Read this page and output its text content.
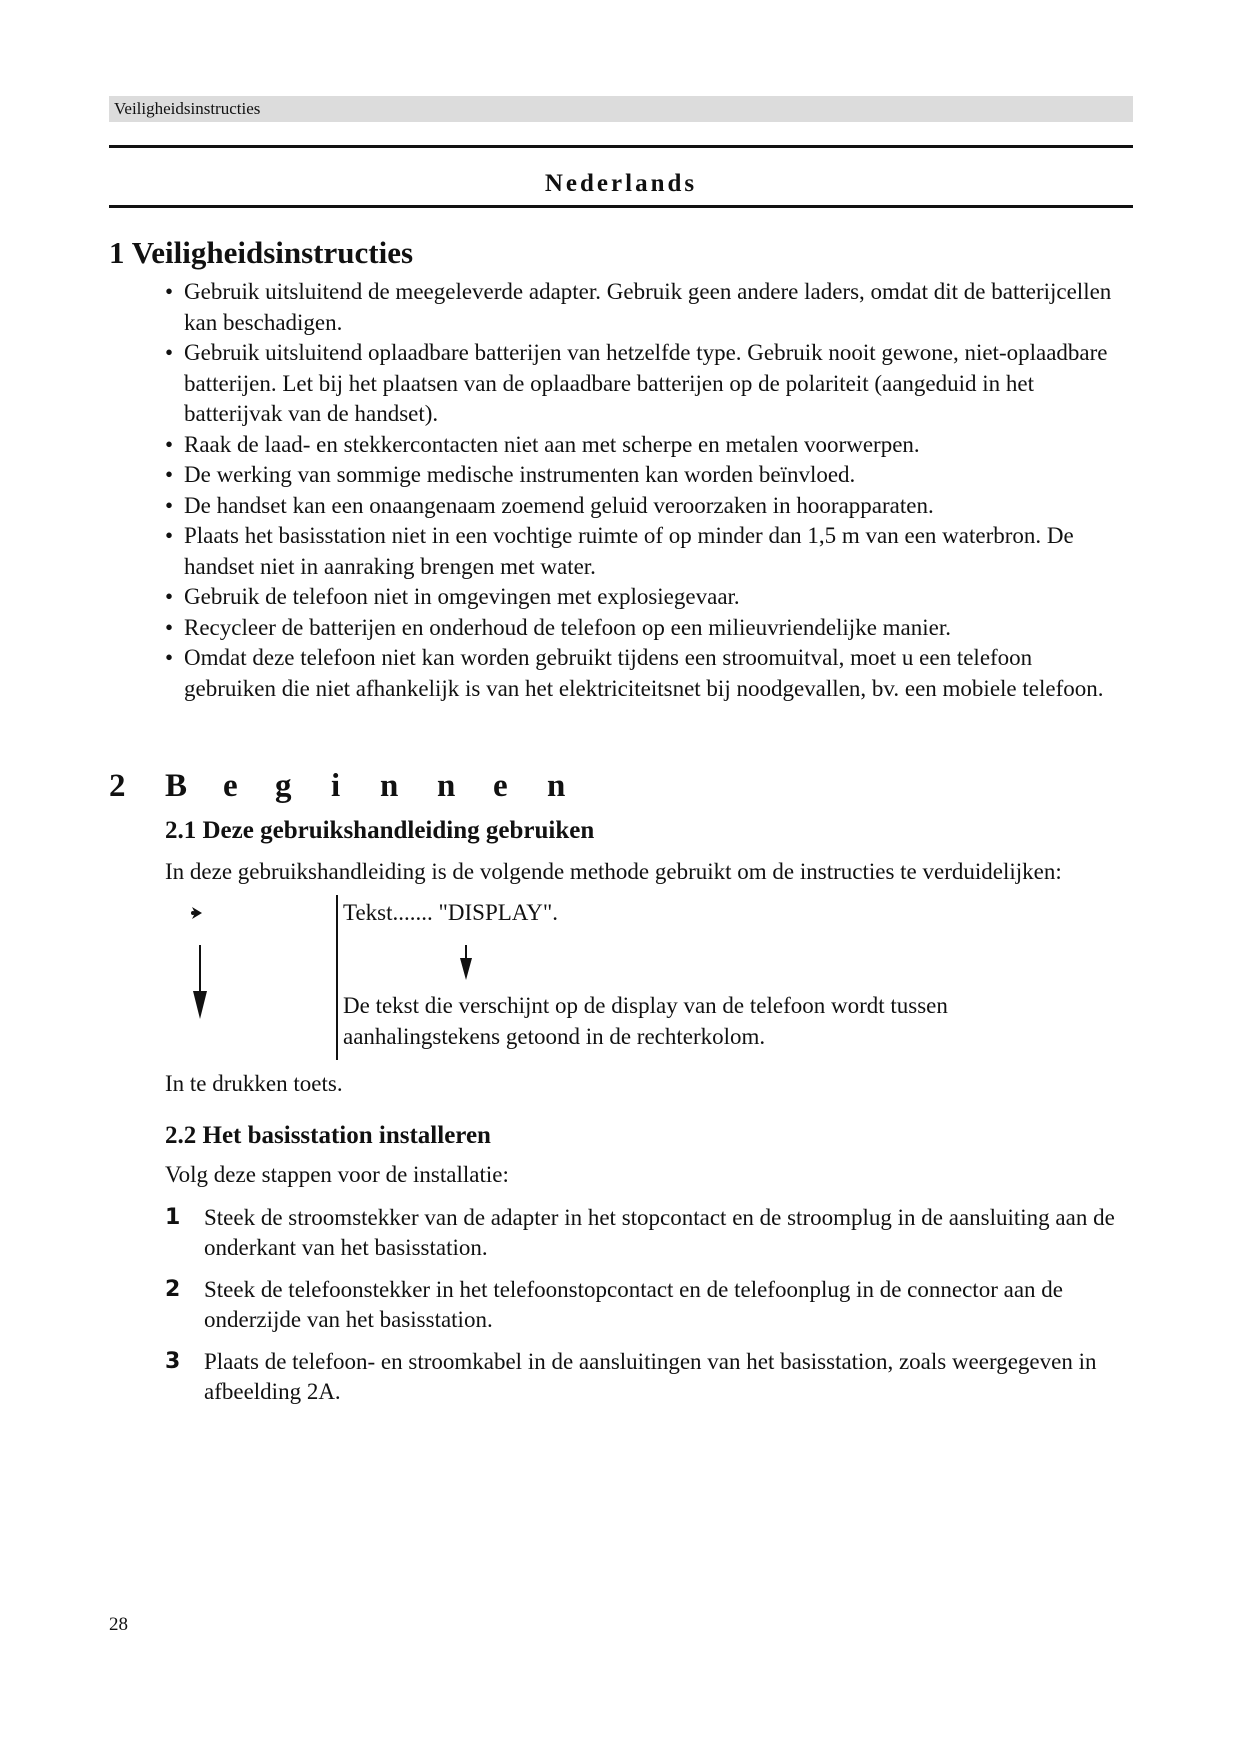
Veiligheidsinstructies
Nederlands
1 Veiligheidsinstructies
• Gebruik uitsluitend de meegeleverde adapter. Gebruik geen andere laders, omdat dit de batterijcellen kan beschadigen.
• Gebruik uitsluitend oplaadbare batterijen van hetzelfde type. Gebruik nooit gewone, niet-oplaadbare batterijen. Let bij het plaatsen van de oplaadbare batterijen op de polariteit (aangeduid in het batterijvak van de handset).
• Raak de laad- en stekkercontacten niet aan met scherpe en metalen voorwerpen.
• De werking van sommige medische instrumenten kan worden beïnvloed.
• De handset kan een onaangenaam zoemend geluid veroorzaken in hoorapparaten.
• Plaats het basisstation niet in een vochtige ruimte of op minder dan 1,5 m van een waterbron. De handset niet in aanraking brengen met water.
• Gebruik de telefoon niet in omgevingen met explosiegevaar.
• Recycleer de batterijen en onderhoud de telefoon op een milieuvriendelijke manier.
• Omdat deze telefoon niet kan worden gebruikt tijdens een stroomuitval, moet u een telefoon gebruiken die niet afhankelijk is van het elektriciteitsnet bij noodgevallen, bv. een mobiele telefoon.
2 B e g i n n e n
2.1 Deze gebruikshandleiding gebruiken

In deze gebruikshandleiding is de volgende methode gebruikt om de instructies te verduidelijken:

Tekst....... "DISPLAY".
De tekst die verschijnt op de display van de telefoon wordt tussen aanhalingstekens getoond in de rechterkolom.

In te drukken toets.

2.2 Het basisstation installeren

Volg deze stappen voor de installatie:

1 Steek de stroomstekker van de adapter in het stopcontact en de stroomplug in de aansluiting aan de onderkant van het basisstation.
2 Steek de telefoonstekker in het telefoonstopcontact en de telefoonplug in de connector aan de onderzijde van het basisstation.
3 Plaats de telefoon- en stroomkabel in de aansluitingen van het basisstation, zoals weergegeven in afbeelding 2A.
28
